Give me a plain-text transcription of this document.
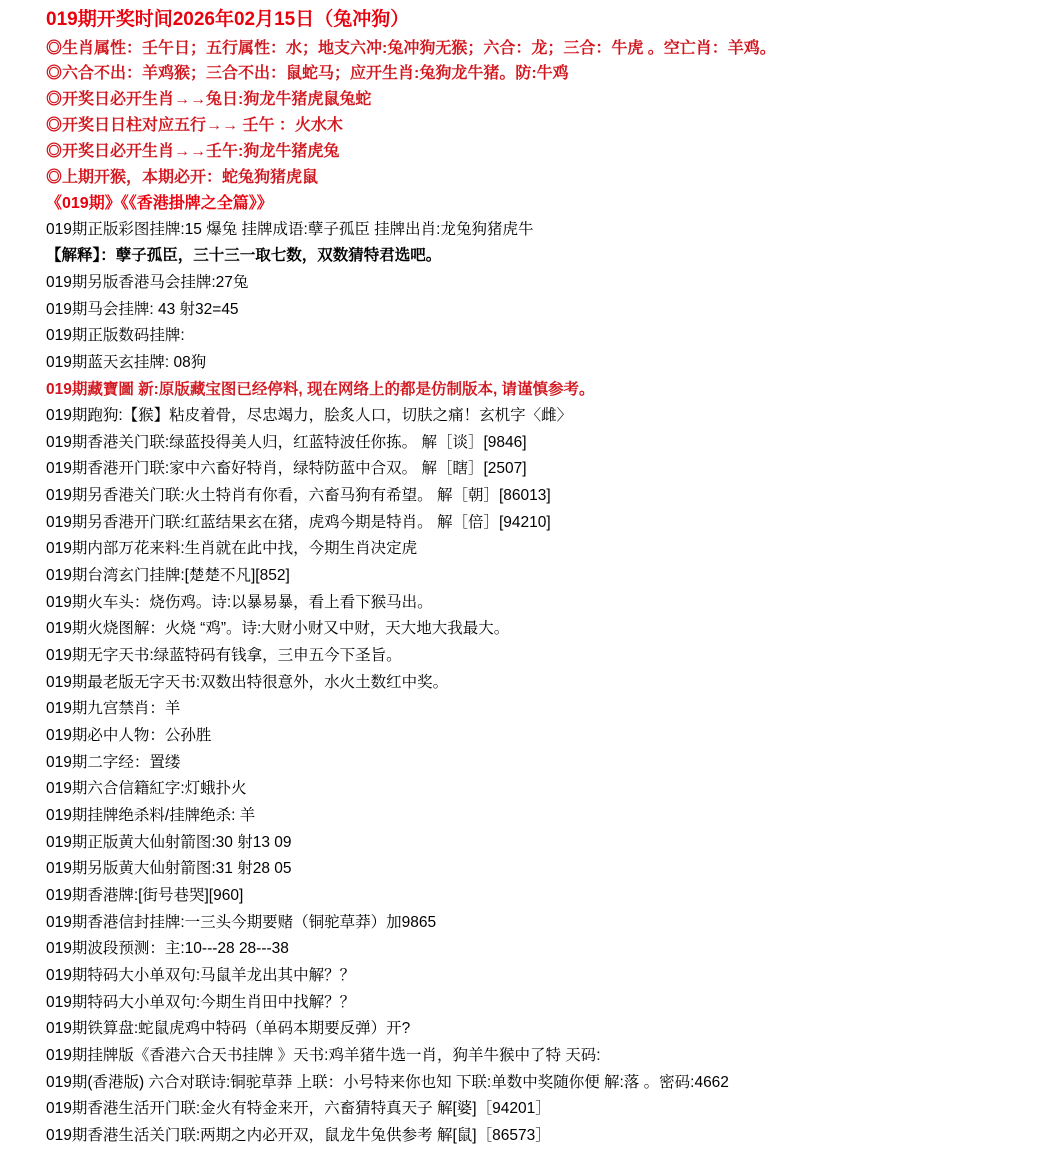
019期开奖时间2026年02月15日（兔冲狗）
◎生肖属性：壬午日；五行属性：水；地支六冲:兔冲狗无猴；六合：龙；三合：牛虎 。空亡肖：羊鸡。
◎六合不出：羊鸡猴；三合不出：鼠蛇马；应开生肖:兔狗龙牛猪。防:牛鸡
◎开奖日必开生肖→→兔日:狗龙牛猪虎鼠兔蛇
◎开奖日日柱对应五行→→ 壬午 ：火水木
◎开奖日必开生肖→→壬午:狗龙牛猪虎兔
◎上期开猴，本期必开：蛇兔狗猪虎鼠
《019期》《《香港掛牌之全篇》》
019期正版彩图挂牌:15 爆兔 挂牌成语:孽子孤臣 挂牌出肖:龙兔狗猪虎牛
【解释】：孽子孤臣，三十三一取七数，双数猜特君选吧。
019期另版香港马会挂牌:27兔
019期马会挂牌: 43 射32=45
019期正版数码挂牌:
019期蓝天玄挂牌: 08狗
019期藏寶圖 新:原版藏宝图已经停料, 现在网络上的都是仿制版本, 请谨慎参考。
019期跑狗:【猴】粘皮着骨，尽忠竭力，脍炙人口，切肤之痛！玄机字〈雌〉
019期香港关门联:绿蓝投得美人归，红蓝特波任你拣。 解［谈］[9846]
019期香港开门联:家中六畜好特肖，绿特防蓝中合双。 解［瞎］[2507]
019期另香港关门联:火土特肖有你看，六畜马狗有希望。 解［朝］[86013]
019期另香港开门联:红蓝结果玄在猪，虎鸡今期是特肖。 解［倍］[94210]
019期内部万花来料:生肖就在此中找，今期生肖决定虎
019期台湾玄门挂牌:[楚楚不凡][852]
019期火车头：烧伤鸡。诗:以暴易暴，看上看下猴马出。
019期火烧图解：火烧 “鸡”。诗:大财小财又中财，天大地大我最大。
019期无字天书:绿蓝特码有钱拿，三申五今下圣旨。
019期最老版无字天书:双数出特很意外，水火土数红中奖。
019期九宫禁肖：羊
019期必中人物：公孙胜
019期二字经：置缕
019期六合信籍紅字:灯蛾扑火
019期挂牌绝杀料/挂牌绝杀: 羊
019期正版黄大仙射箭图:30 射13 09
019期另版黄大仙射箭图:31 射28 05
019期香港牌:[街号巷哭][960]
019期香港信封挂牌:一三头今期要赌（铜驼草莽）加9865
019期波段预测：主:10---28 28---38
019期特码大小单双句:马鼠羊龙出其中解？？
019期特码大小单双句:今期生肖田中找解？？
019期铁算盘:蛇鼠虎鸡中特码（单码本期要反弹）开?
019期挂牌版《香港六合天书挂牌 》天书:鸡羊猪牛选一肖，狗羊牛猴中了特 天码:
019期(香港版) 六合对联诗:铜驼草莽 上联：小号特来你也知 下联:单数中奖随你便 解:落 。密码:4662
019期香港生活开门联:金火有特金来开，六畜猜特真天子 解[婆]［94201］
019期香港生活关门联:两期之内必开双，鼠龙牛兔供参考 解[鼠]［86573］
